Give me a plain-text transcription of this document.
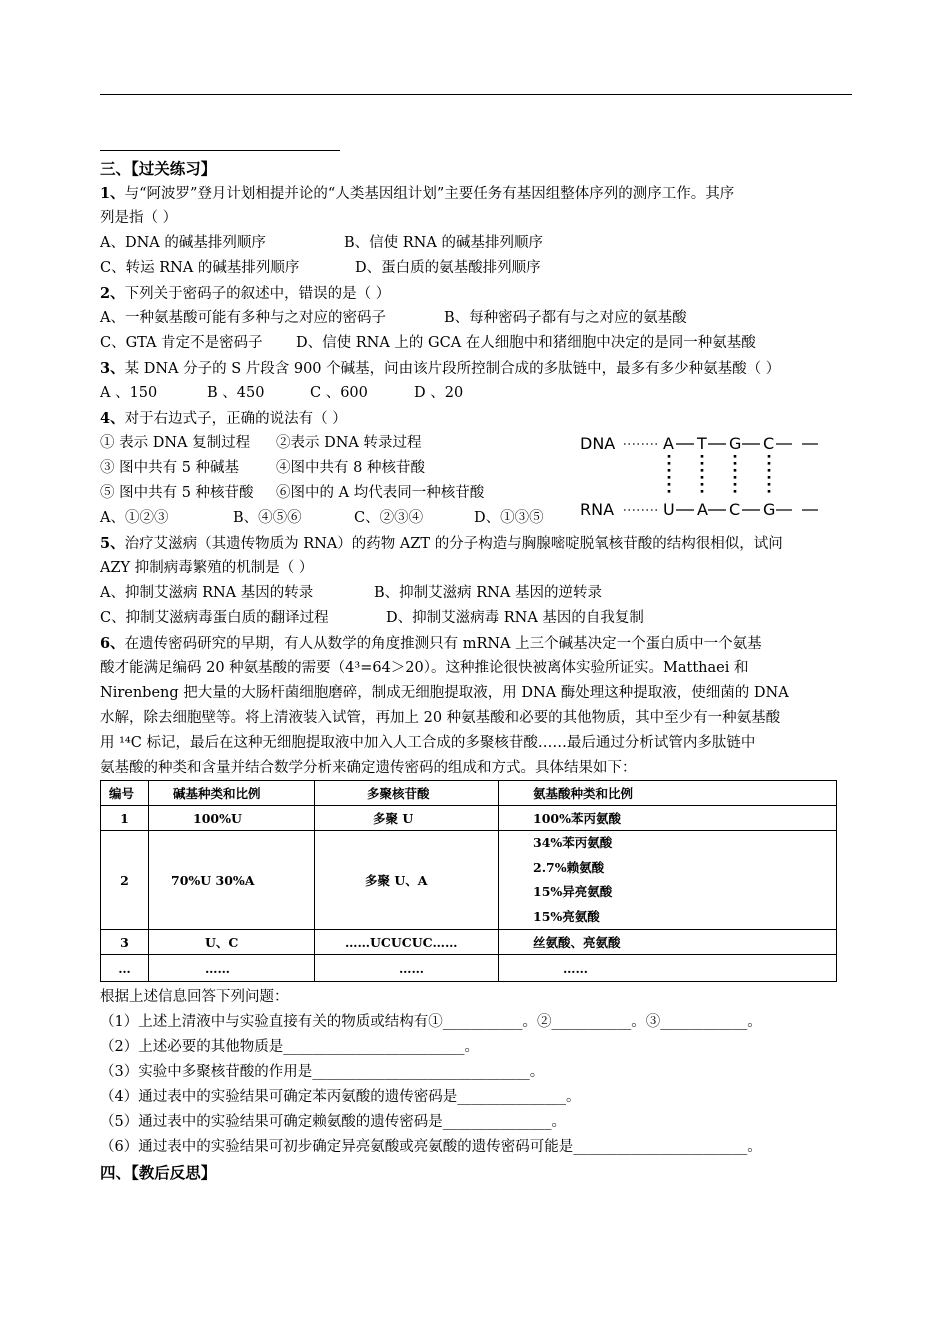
三、【过关练习】
1、与“阿波罗”登月计划相提并论的“人类基因组计划”主要任务有基因组整体序列的测序工作。其序
列是指（ ）
A、DNA 的碱基排列顺序	B、信使 RNA 的碱基排列顺序
C、转运 RNA 的碱基排列顺序	D、蛋白质的氨基酸排列顺序
2、下列关于密码子的叙述中，错误的是（ ）
A、一种氨基酸可能有多种与之对应的密码子	B、每种密码子都有与之对应的氨基酸
C、GTA 肯定不是密码子 D、信使 RNA 上的 GCA 在人细胞中和猪细胞中决定的是同一种氨基酸
3、某 DNA 分子的 S 片段含 900 个碱基，问由该片段所控制合成的多肽链中，最多有多少种氨基酸（ ）
A 、150	B 、450	C 、600	D 、20
4、对于右边式子，正确的说法有（ ）
① 表示 DNA 复制过程 ②表示 DNA 转录过程
③ 图中共有 5 种碱基	④图中共有 8 种核苷酸
⑤ 图中共有 5 种核苷酸 ⑥图中的 A 均代表同一种核苷酸
A、①②③	B、④⑤⑥	C、②③④	D、①③⑤
5、治疗艾滋病（其遗传物质为 RNA）的药物 AZT 的分子构造与胸腺嘧啶脱氧核苷酸的结构很相似，试问
AZY 抑制病毒繁殖的机制是（ ）
A、抑制艾滋病 RNA 基因的转录	B、抑制艾滋病 RNA 基因的逆转录
C、抑制艾滋病毒蛋白质的翻译过程	D、抑制艾滋病毒 RNA 基因的自我复制
6、在遗传密码研究的早期，有人从数学的角度推测只有 mRNA 上三个碱基决定一个蛋白质中一个氨基
酸才能满足编码 20 种氨基酸的需要（4³=64＞20）。这种推论很快被离体实验所证实。Matthaei 和
Nirenbeng 把大量的大肠杆菌细胞磨碎，制成无细胞提取液，用 DNA 酶处理这种提取液，使细菌的 DNA
水解，除去细胞壁等。将上清液装入试管，再加上 20 种氨基酸和必要的其他物质，其中至少有一种氨基酸
用 ¹⁴C 标记，最后在这种无细胞提取液中加入人工合成的多聚核苷酸……最后通过分析试管内多肽链中
氨基酸的种类和含量并结合数学分析来确定遗传密码的组成和方式。具体结果如下：
编号	碱基种类和比例	多聚核苷酸	氨基酸种类和比例
1	100%U	多聚 U	100%苯丙氨酸
2	70%U 30%A	多聚 U、A	34%苯丙氨酸
2.7%赖氨酸
15%异亮氨酸
15%亮氨酸

3	U、C	……UCUCUC……	丝氨酸、亮氨酸
…	……	……	……
根据上述信息回答下列问题：
（1）上述上清液中与实验直接有关的物质或结构有①___________。②___________。③____________。
（2）上述必要的其他物质是_________________________。
（3）实验中多聚核苷酸的作用是______________________________。
（4）通过表中的实验结果可确定苯丙氨酸的遗传密码是_______________。
（5）通过表中的实验结果可确定赖氨酸的遗传密码是_______________。
（6）通过表中的实验结果可初步确定异亮氨酸或亮氨酸的遗传密码可能是________________________。
四、【教后反思】
DNA
RNA
A T G C
U A C G
